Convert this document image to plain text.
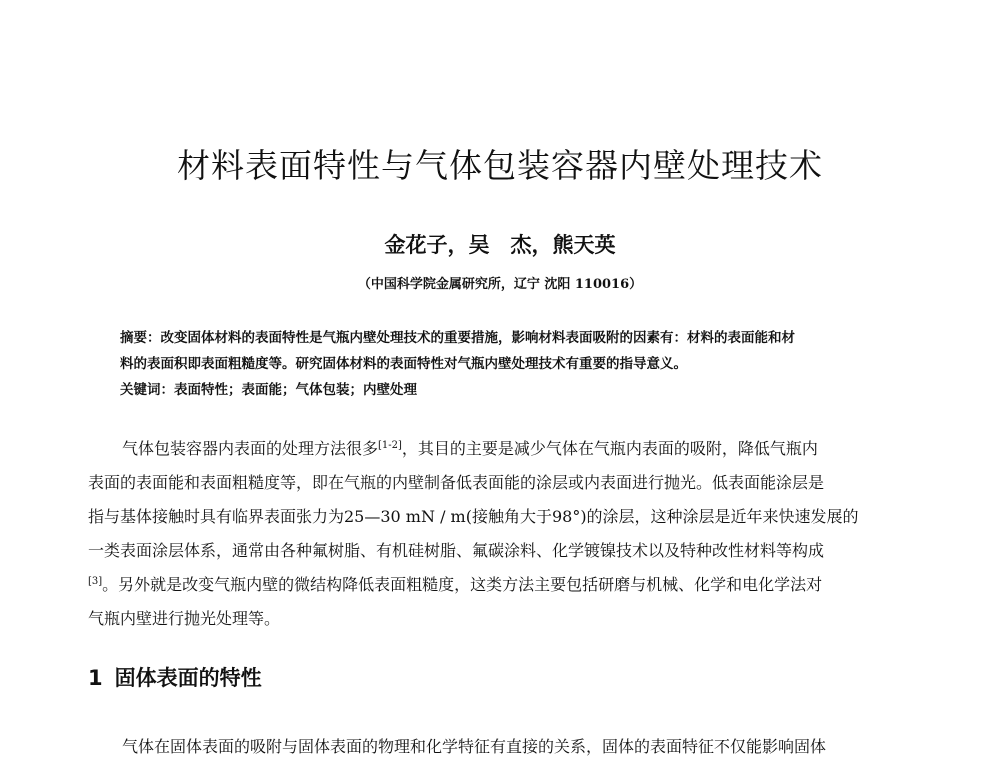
材料表面特性与气体包装容器内壁处理技术
金花子，吴　杰，熊天英
（中国科学院金属研究所，辽宁 沈阳 110016）
摘要：改变固体材料的表面特性是气瓶内壁处理技术的重要措施，影响材料表面吸附的因素有：材料的表面能和材
料的表面积即表面粗糙度等。研究固体材料的表面特性对气瓶内壁处理技术有重要的指导意义。
关键词：表面特性；表面能；气体包装；内壁处理
气体包装容器内表面的处理方法很多[1-2]，其目的主要是减少气体在气瓶内表面的吸附，降低气瓶内
表面的表面能和表面粗糙度等，即在气瓶的内壁制备低表面能的涂层或内表面进行抛光。低表面能涂层是
指与基体接触时具有临界表面张力为25—30 mN / m(接触角大于98°)的涂层，这种涂层是近年来快速发展的
一类表面涂层体系，通常由各种氟树脂、有机硅树脂、氟碳涂料、化学镀镍技术以及特种改性材料等构成
[3]。另外就是改变气瓶内壁的微结构降低表面粗糙度，这类方法主要包括研磨与机械、化学和电化学法对
气瓶内壁进行抛光处理等。
1 固体表面的特性
气体在固体表面的吸附与固体表面的物理和化学特征有直接的关系，固体的表面特征不仅能影响固体
